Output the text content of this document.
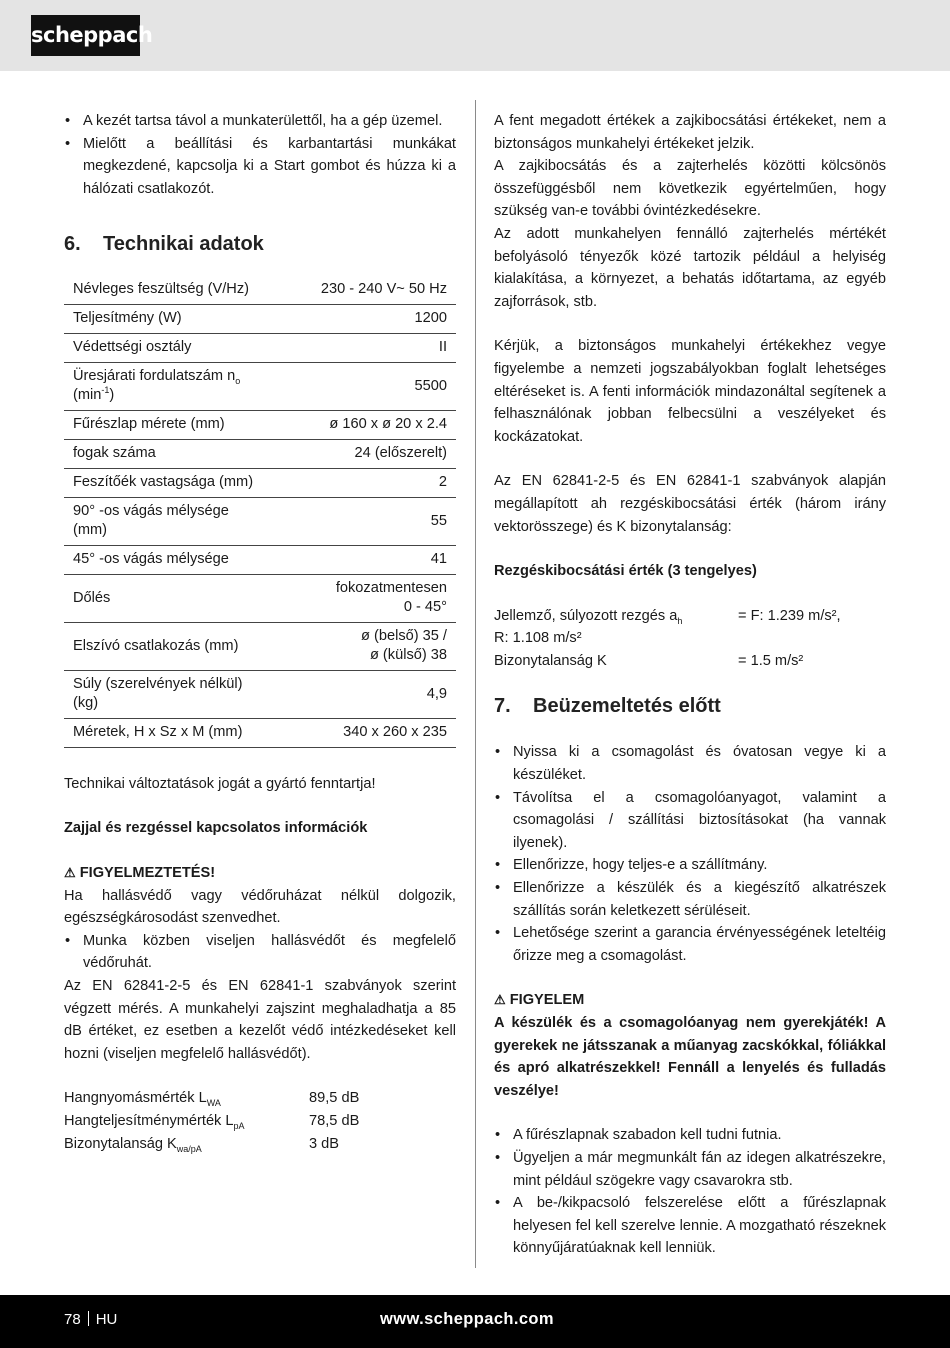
scheppach
• A kezét tartsa távol a munkaterülettől, ha a gép üzemel.
• Mielőtt a beállítási és karbantartási munkákat megkezdené, kapcsolja ki a Start gombot és húzza ki a hálózati csatlakozót.
6. Technikai adatok
Névleges feszültség (V/Hz)	230 - 240 V~ 50 Hz
Teljesítmény (W)	1200
Védettségi osztály	II
Üresjárati fordulatszám $n_o$
$(\min^{-1})$	5500
Fűrészlap mérete (mm)	ø 160 x ø 20 x 2.4
fogak száma	24 (előszerelt)
Feszítőék vastagsága (mm)	2
90° -os vágás mélysége
(mm)	55
45° -os vágás mélysége	41
Dőlés	fokozatmentesen
0 - 45°
Elszívó csatlakozás (mm)	ø (belső) 35 /
ø (külső) 38
Súly (szerelvények nélkül)
(kg)	4,9
Méretek, H x Sz x M (mm)	340 x 260 x 235

Technikai változtatások jogát a gyártó fenntartja!

Zajjal és rezgéssel kapcsolatos információk

⚠ FIGYELMEZTETÉS!

Ha hallásvédő vagy védőruházat nélkül dolgozik, egészségkárosodást szenvedhet.

• Munka közben viseljen hallásvédőt és megfelelő védőruhát.

Az EN 62841-2-5 és EN 62841-1 szabványok szerint végzett mérés. A munkahelyi zajszint meghaladhatja a 85 dB értéket, ez esetben a kezelőt védő intézkedéseket kell hozni (viseljen megfelelő hallásvédőt).

Hangnyomásmérték $L_{WA}$	89,5 dB
Hangteljesítménymérték $L_{pA}$	78,5 dB
Bizonytalanság $K_{wa/pA}$	3 dB

A fent megadott értékek a zajkibocsátási értékeket, nem a biztonságos munkahelyi értékeket jelzik.

A zajkibocsátás és a zajterhelés közötti kölcsönös összefüggésből nem következik egyértelműen, hogy szükség van-e további óvintézkedésekre.

Az adott munkahelyen fennálló zajterhelés mértékét befolyásoló tényezők közé tartozik például a helyiség kialakítása, a környezet, a behatás időtartama, az egyéb zajforrások, stb.

Kérjük, a biztonságos munkahelyi értékekhez vegye figyelembe a nemzeti jogszabályokban foglalt lehetséges eltéréseket is. A fenti információk mindazonáltal segítenek a felhasználónak jobban felbecsülni a veszélyeket és kockázatokat.

Az EN 62841-2-5 és EN 62841-1 szabványok alapján megállapított ah rezgéskibocsátási érték (három irány vektorösszege) és K bizonytalanság:

Rezgéskibocsátási érték (3 tengelyes)

Jellemző, súlyozott rezgés $a_h$	= F: 1.239 m/s²,
R: 1.108 m/s²
Bizonytalanság K	= 1.5 m/s²
7. Beüzemeltetés előtt
• Nyissa ki a csomagolást és óvatosan vegye ki a készüléket.
• Távolítsa el a csomagolóanyagot, valamint a csomagolási / szállítási biztosításokat (ha vannak ilyenek).
• Ellenőrizze, hogy teljes-e a szállítmány.
• Ellenőrizze a készülék és a kiegészítő alkatrészek szállítás során keletkezett sérüléseit.
• Lehetősége szerint a garancia érvényességének leteltéig őrizze meg a csomagolást.

⚠ FIGYELEM

A készülék és a csomagolóanyag nem gyerekjáték! A gyerekek ne játsszanak a műanyag zacskókkal, fóliákkal és apró alkatrészekkel! Fennáll a lenyelés és fulladás veszélye!

• A fűrészlapnak szabadon kell tudni futnia.
• Ügyeljen a már megmunkált fán az idegen alkatrészekre, mint például szögekre vagy csavarokra stb.
• A be-/kikpacsoló felszerelése előtt a fűrészlapnak helyesen fel kell szerelve lennie. A mozgatható részeknek könnyűjáratúaknak kell lenniük.
78 HU	www.scheppach.com
